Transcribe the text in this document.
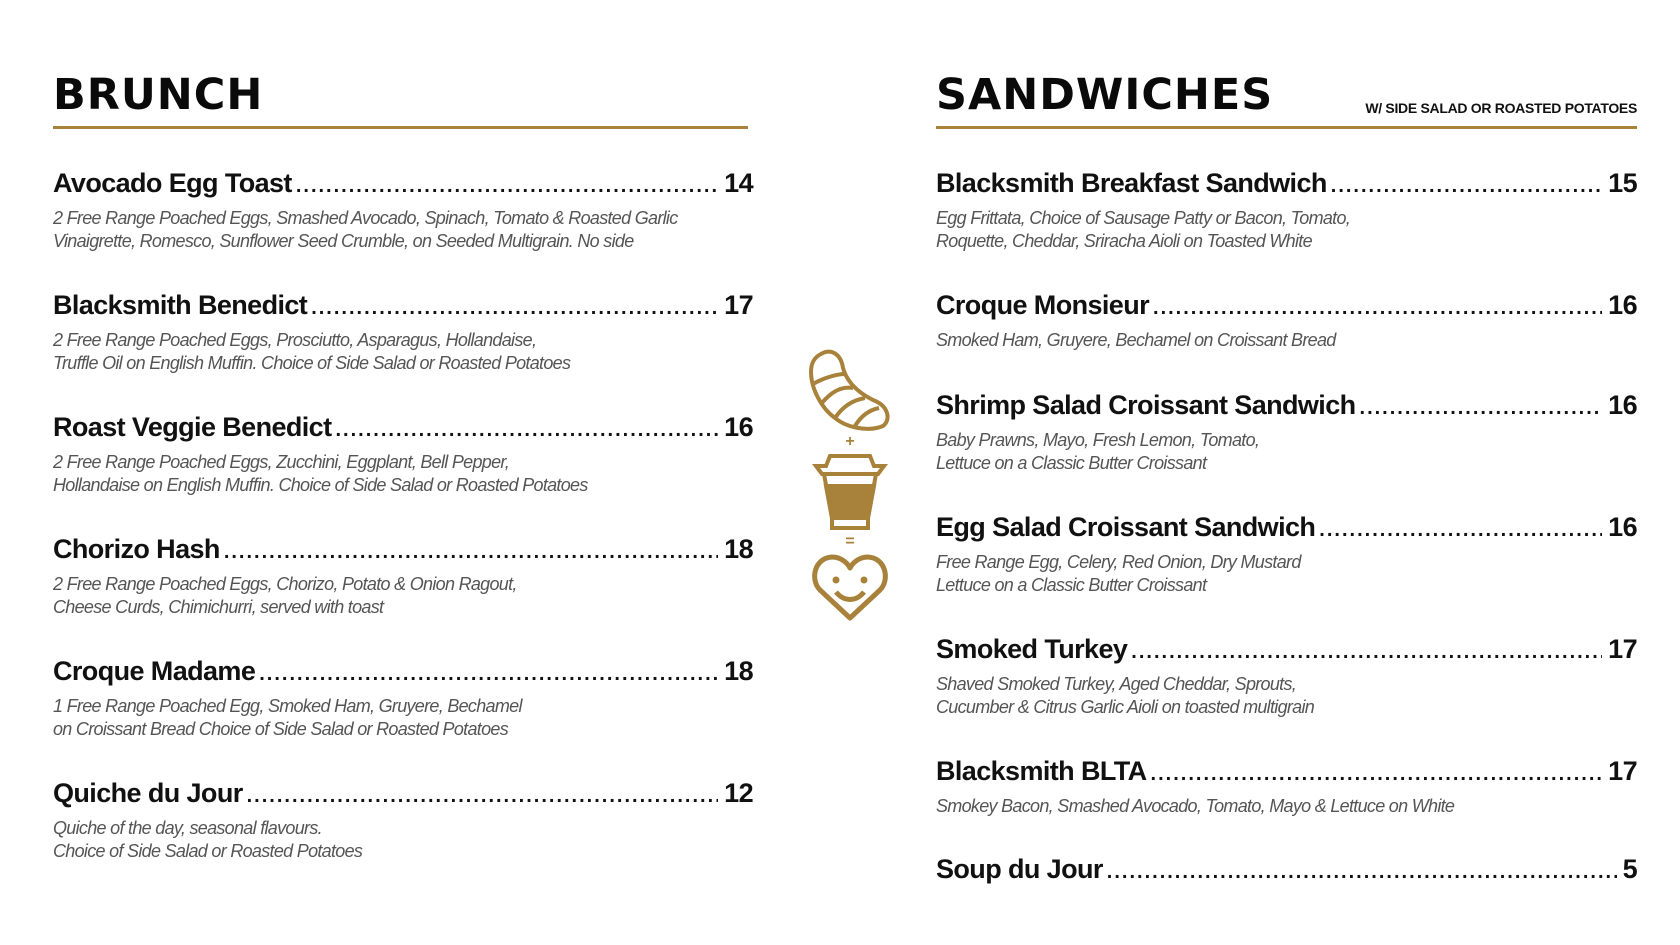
BRUNCH
Avocado Egg Toast .....	14
2 Free Range Poached Eggs, Smashed Avocado, Spinach, Tomato & Roasted Garlic
Vinaigrette, Romesco, Sunflower Seed Crumble, on Seeded Multigrain. No side
Blacksmith Benedict .....	17
2 Free Range Poached Eggs, Prosciutto, Asparagus, Hollandaise,
Truffle Oil on English Muffin. Choice of Side Salad or Roasted Potatoes
Roast Veggie Benedict .....	16
2 Free Range Poached Eggs, Zucchini, Eggplant, Bell Pepper,
Hollandaise on English Muffin. Choice of Side Salad or Roasted Potatoes
Chorizo Hash .....	18
2 Free Range Poached Eggs, Chorizo, Potato & Onion Ragout,
Cheese Curds, Chimichurri, served with toast
Croque Madame .....	18
1 Free Range Poached Egg, Smoked Ham, Gruyere, Bechamel
on Croissant Bread Choice of Side Salad or Roasted Potatoes
Quiche du Jour .....	12
Quiche of the day, seasonal flavours.
Choice of Side Salad or Roasted Potatoes
SANDWICHES	W/ SIDE SALAD OR ROASTED POTATOES
Blacksmith Breakfast Sandwich .....	15
Egg Frittata, Choice of Sausage Patty or Bacon, Tomato,
Roquette, Cheddar, Sriracha Aioli on Toasted White
Croque Monsieur .....	16
Smoked Ham, Gruyere, Bechamel on Croissant Bread
Shrimp Salad Croissant Sandwich .....	16
Baby Prawns, Mayo, Fresh Lemon, Tomato,
Lettuce on a Classic Butter Croissant
Egg Salad Croissant Sandwich .....	16
Free Range Egg, Celery, Red Onion, Dry Mustard
Lettuce on a Classic Butter Croissant
Smoked Turkey .....	17
Shaved Smoked Turkey, Aged Cheddar, Sprouts,
Cucumber & Citrus Garlic Aioli on toasted multigrain
Blacksmith BLTA .....	17
Smokey Bacon, Smashed Avocado, Tomato, Mayo & Lettuce on White
Soup du Jour .....	5
+
=
